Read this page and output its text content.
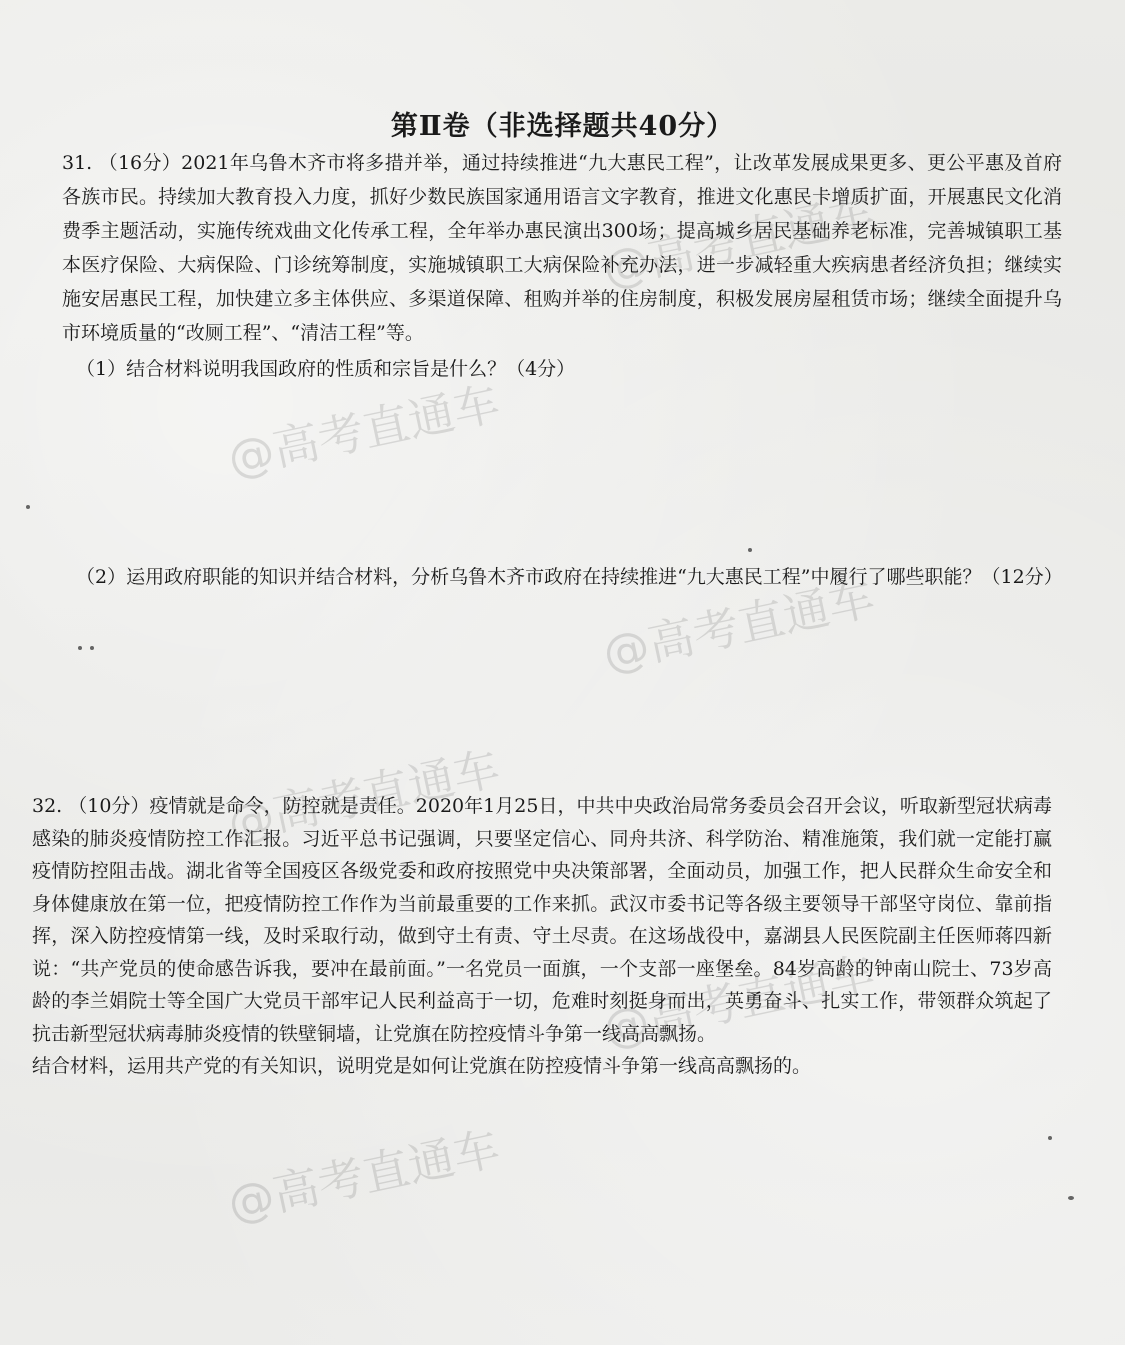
第Ⅱ卷（非选择题共40分）

31. （16分）2021年乌鲁木齐市将多措并举，通过持续推进“九大惠民工程”，让改革发展成果更多、更公平惠及首府各族市民。持续加大教育投入力度，抓好少数民族国家通用语言文字教育，推进文化惠民卡增质扩面，开展惠民文化消费季主题活动，实施传统戏曲文化传承工程，全年举办惠民演出300场；提高城乡居民基础养老标准，完善城镇职工基本医疗保险、大病保险、门诊统筹制度，实施城镇职工大病保险补充办法，进一步减轻重大疾病患者经济负担；继续实施安居惠民工程，加快建立多主体供应、多渠道保障、租购并举的住房制度，积极发展房屋租赁市场；继续全面提升乌市环境质量的“改厕工程”、“清洁工程”等。

（1）结合材料说明我国政府的性质和宗旨是什么？（4分）

（2）运用政府职能的知识并结合材料，分析乌鲁木齐市政府在持续推进“九大惠民工程”中履行了哪些职能？（12分）

32. （10分）疫情就是命令，防控就是责任。2020年1月25日，中共中央政治局常务委员会召开会议，听取新型冠状病毒感染的肺炎疫情防控工作汇报。习近平总书记强调，只要坚定信心、同舟共济、科学防治、精准施策，我们就一定能打赢疫情防控阻击战。湖北省等全国疫区各级党委和政府按照党中央决策部署，全面动员，加强工作，把人民群众生命安全和身体健康放在第一位，把疫情防控工作作为当前最重要的工作来抓。武汉市委书记等各级主要领导干部坚守岗位、靠前指挥，深入防控疫情第一线，及时采取行动，做到守土有责、守土尽责。在这场战役中，嘉湖县人民医院副主任医师蒋四新说：“共产党员的使命感告诉我，要冲在最前面。”一名党员一面旗，一个支部一座堡垒。84岁高龄的钟南山院士、73岁高龄的李兰娟院士等全国广大党员干部牢记人民利益高于一切，危难时刻挺身而出，英勇奋斗、扎实工作，带领群众筑起了抗击新型冠状病毒肺炎疫情的铁壁铜墙，让党旗在防控疫情斗争第一线高高飘扬。

结合材料，运用共产党的有关知识，说明党是如何让党旗在防控疫情斗争第一线高高飘扬的。

@高考直通车
@高考直通车
@高考直通车
@高考直通车
@高考直通车
@高考直通车
